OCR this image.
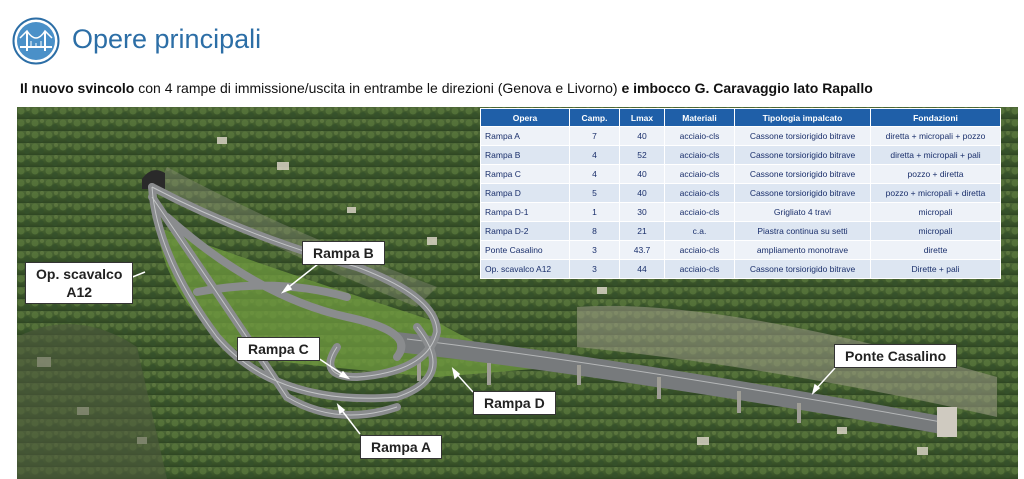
Opere principali
Il nuovo svincolo con 4 rampe di immissione/uscita in entrambe le direzioni (Genova e Livorno) e imbocco G. Caravaggio lato Rapallo
Opera	Camp.	Lmax	Materiali	Tipologia impalcato	Fondazioni
Rampa A	7	40	acciaio-cls	Cassone torsiorigido bitrave	diretta + micropali + pozzo
Rampa B	4	52	acciaio-cls	Cassone torsiorigido bitrave	diretta + micropali + pali
Rampa C	4	40	acciaio-cls	Cassone torsiorigido bitrave	pozzo + diretta
Rampa D	5	40	acciaio-cls	Cassone torsiorigido bitrave	pozzo + micropali + diretta
Rampa D-1	1	30	acciaio-cls	Grigliato 4 travi	micropali
Rampa D-2	8	21	c.a.	Piastra continua su setti	micropali
Ponte Casalino	3	43.7	acciaio-cls	ampliamento monotrave	dirette
Op. scavalco A12	3	44	acciaio-cls	Cassone torsiorigido bitrave	Dirette + pali
Op. scavalco
A12
Rampa B
Rampa C
Rampa D
Rampa A
Ponte Casalino
